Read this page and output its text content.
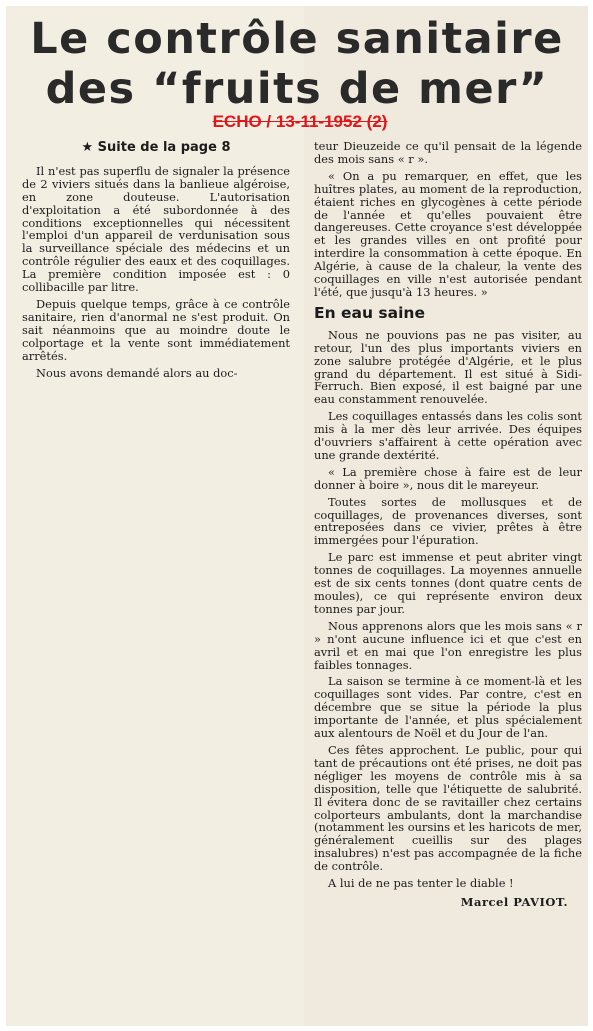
Le contrôle sanitaire
des “fruits de mer”
ECHO / 13-11-1952 (2)
★ Suite de la page 8

Il n'est pas superflu de signaler la présence de 2 viviers situés dans la banlieue algéroise, en zone douteuse. L'autorisation d'exploitation a été subordonnée à des conditions exceptionnelles qui nécessitent l'emploi d'un appareil de verdunisation sous la surveillance spéciale des médecins et un contrôle régulier des eaux et des coquillages. La première condition imposée est : 0 collibacille par litre.

Depuis quelque temps, grâce à ce contrôle sanitaire, rien d'anormal ne s'est produit. On sait néanmoins que au moindre doute le colportage et la vente sont immédiatement arrêtés.

Nous avons demandé alors au doc-

teur Dieuzeide ce qu'il pensait de la légende des mois sans « r ».

« On a pu remarquer, en effet, que les huîtres plates, au moment de la reproduction, étaient riches en glycogènes à cette période de l'année et qu'elles pouvaient être dangereuses. Cette croyance s'est développée et les grandes villes en ont profité pour interdire la consommation à cette époque. En Algérie, à cause de la chaleur, la vente des coquillages en ville n'est autorisée pendant l'été, que jusqu'à 13 heures. »

En eau saine

Nous ne pouvions pas ne pas visiter, au retour, l'un des plus importants viviers en zone salubre protégée d'Algérie, et le plus grand du département. Il est situé à Sidi-Ferruch. Bien exposé, il est baigné par une eau constamment renouvelée.

Les coquillages entassés dans les colis sont mis à la mer dès leur arrivée. Des équipes d'ouvriers s'affairent à cette opération avec une grande dextérité.

« La première chose à faire est de leur donner à boire », nous dit le mareyeur.

Toutes sortes de mollusques et de coquillages, de provenances diverses, sont entreposées dans ce vivier, prêtes à être immergées pour l'épuration.

Le parc est immense et peut abriter vingt tonnes de coquillages. La moyennes annuelle est de six cents tonnes (dont quatre cents de moules), ce qui représente environ deux tonnes par jour.

Nous apprenons alors que les mois sans « r » n'ont aucune influence ici et que c'est en avril et en mai que l'on enregistre les plus faibles tonnages.

La saison se termine à ce moment-là et les coquillages sont vides. Par contre, c'est en décembre que se situe la période la plus importante de l'année, et plus spécialement aux alentours de Noël et du Jour de l'an.

Ces fêtes approchent. Le public, pour qui tant de précautions ont été prises, ne doit pas négliger les moyens de contrôle mis à sa disposition, telle que l'étiquette de salubrité. Il évitera donc de se ravitailler chez certains colporteurs ambulants, dont la marchandise (notamment les oursins et les haricots de mer, généralement cueillis sur des plages insalubres) n'est pas accompagnée de la fiche de contrôle.

A lui de ne pas tenter le diable !

Marcel PAVIOT.
